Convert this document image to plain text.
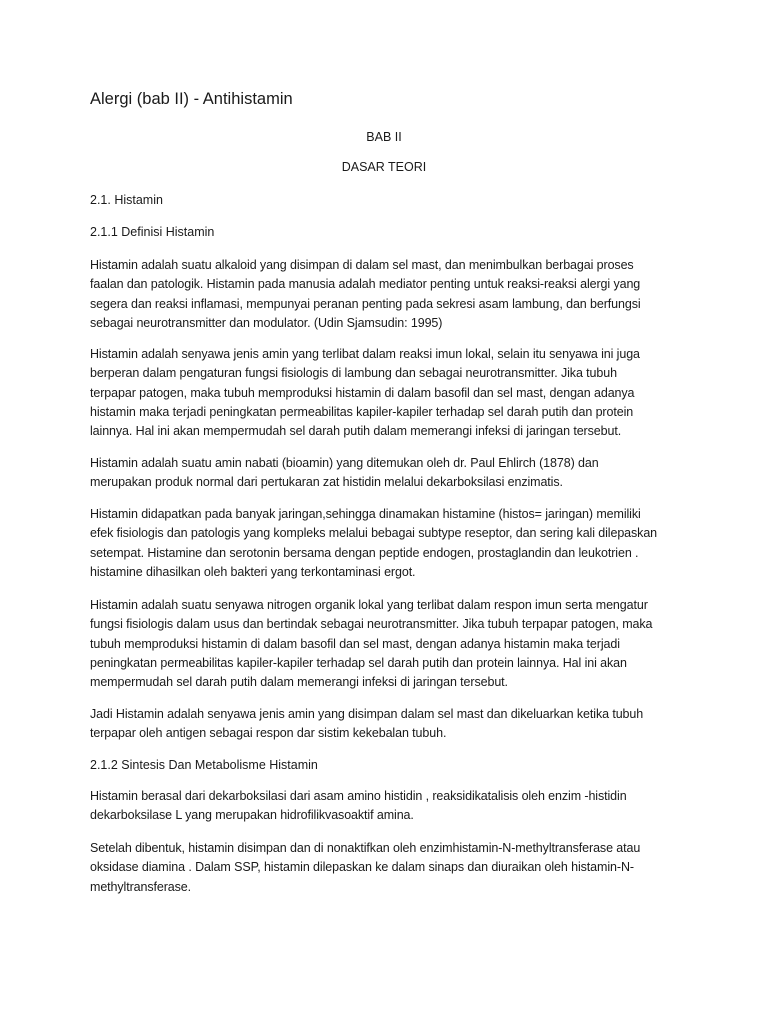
Alergi (bab II) - Antihistamin
BAB II
DASAR TEORI
2.1. Histamin
2.1.1 Definisi Histamin

Histamin adalah suatu alkaloid yang disimpan di dalam sel mast, dan menimbulkan berbagai proses
faalan dan patologik. Histamin pada manusia adalah mediator penting untuk reaksi-reaksi alergi yang
segera dan reaksi inflamasi, mempunyai peranan penting pada sekresi asam lambung, dan berfungsi
sebagai neurotransmitter dan modulator. (Udin Sjamsudin: 1995)

Histamin adalah senyawa jenis amin yang terlibat dalam reaksi imun lokal, selain itu senyawa ini juga
berperan dalam pengaturan fungsi fisiologis di lambung dan sebagai neurotransmitter. Jika tubuh
terpapar patogen, maka tubuh memproduksi histamin di dalam basofil dan sel mast, dengan adanya
histamin maka terjadi peningkatan permeabilitas kapiler-kapiler terhadap sel darah putih dan protein
lainnya. Hal ini akan mempermudah sel darah putih dalam memerangi infeksi di jaringan tersebut.

Histamin adalah suatu amin nabati (bioamin) yang ditemukan oleh dr. Paul Ehlirch (1878) dan
merupakan produk normal dari pertukaran zat histidin melalui dekarboksilasi enzimatis.

Histamin didapatkan pada banyak jaringan,sehingga dinamakan histamine (histos= jaringan) memiliki
efek fisiologis dan patologis yang kompleks melalui bebagai subtype reseptor, dan sering kali dilepaskan
setempat. Histamine dan serotonin bersama dengan peptide endogen, prostaglandin dan leukotrien .
histamine dihasilkan oleh bakteri yang terkontaminasi ergot.

Histamin adalah suatu senyawa nitrogen organik lokal yang terlibat dalam respon imun serta mengatur
fungsi fisiologis dalam usus dan bertindak sebagai neurotransmitter. Jika tubuh terpapar patogen, maka
tubuh memproduksi histamin di dalam basofil dan sel mast, dengan adanya histamin maka terjadi
peningkatan permeabilitas kapiler-kapiler terhadap sel darah putih dan protein lainnya. Hal ini akan
mempermudah sel darah putih dalam memerangi infeksi di jaringan tersebut.

Jadi Histamin adalah senyawa jenis amin yang disimpan dalam sel mast dan dikeluarkan ketika tubuh
terpapar oleh antigen sebagai respon dar sistim kekebalan tubuh.

2.1.2 Sintesis Dan Metabolisme Histamin

Histamin berasal dari dekarboksilasi dari asam amino histidin , reaksidikatalisis oleh enzim -histidin
dekarboksilase L yang merupakan hidrofilikvasoaktif amina.

Setelah dibentuk, histamin disimpan dan di nonaktifkan oleh enzimhistamin-N-methyltransferase atau
oksidase diamina . Dalam SSP, histamin dilepaskan ke dalam sinaps dan diuraikan oleh histamin-N-
methyltransferase.
